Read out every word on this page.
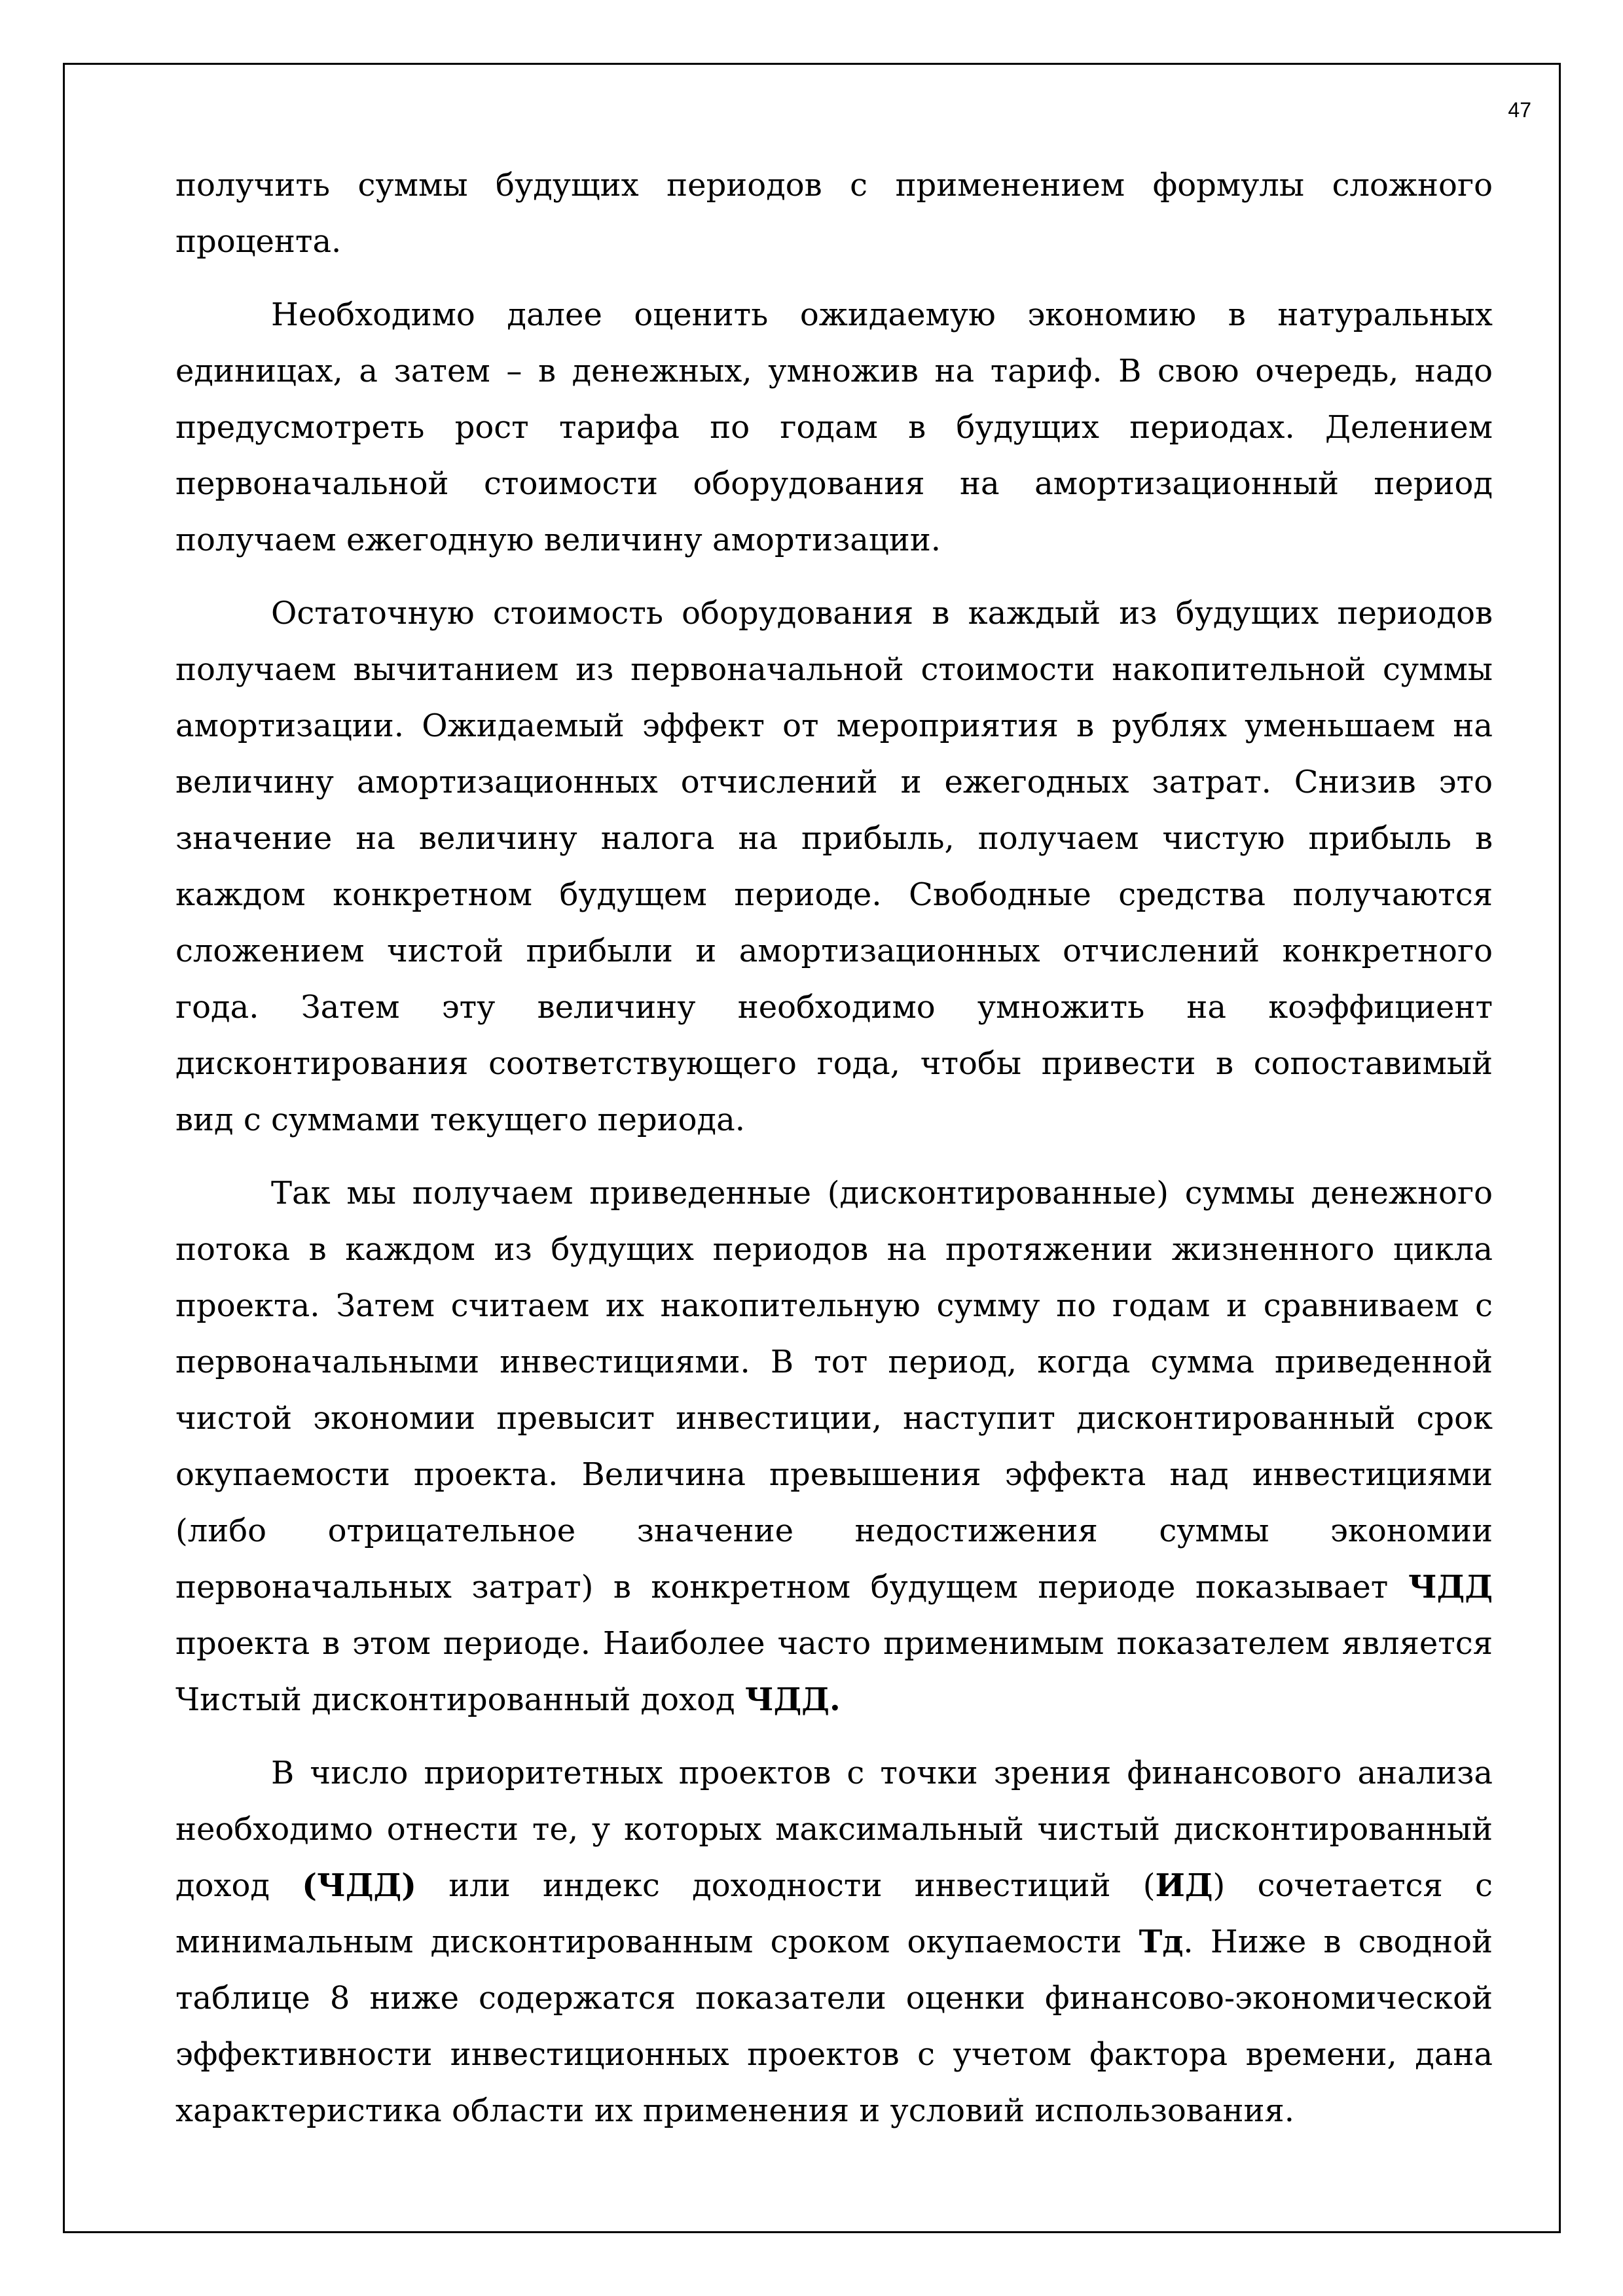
47

получить суммы будущих периодов с применением формулы сложного процента.

Необходимо далее оценить ожидаемую экономию в натуральных единицах, а затем – в денежных, умножив на тариф. В свою очередь, надо предусмотреть рост тарифа по годам в будущих периодах. Делением первоначальной стоимости оборудования на амортизационный период получаем ежегодную величину амортизации.

Остаточную стоимость оборудования в каждый из будущих периодов получаем вычитанием из первоначальной стоимости накопительной суммы амортизации. Ожидаемый эффект от мероприятия в рублях уменьшаем на величину амортизационных отчислений и ежегодных затрат. Снизив это значение на величину налога на прибыль, получаем чистую прибыль в каждом конкретном будущем периоде. Свободные средства получаются сложением чистой прибыли и амортизационных отчислений конкретного года. Затем эту величину необходимо умножить на коэффициент дисконтирования соответствующего года, чтобы привести в сопоставимый вид с суммами текущего периода.

Так мы получаем приведенные (дисконтированные) суммы денежного потока в каждом из будущих периодов на протяжении жизненного цикла проекта. Затем считаем их накопительную сумму по годам и сравниваем с первоначальными инвестициями. В тот период, когда сумма приведенной чистой экономии превысит инвестиции, наступит дисконтированный срок окупаемости проекта. Величина превышения эффекта над инвестициями (либо отрицательное значение недостижения суммы экономии первоначальных затрат) в конкретном будущем периоде показывает ЧДД проекта в этом периоде. Наиболее часто применимым показателем является Чистый дисконтированный доход ЧДД.

В число приоритетных проектов с точки зрения финансового анализа необходимо отнести те, у которых максимальный чистый дисконтированный доход (ЧДД) или индекс доходности инвестиций (ИД) сочетается с минимальным дисконтированным сроком окупаемости Тд. Ниже в сводной таблице 8 ниже содержатся показатели оценки финансово-экономической эффективности инвестиционных проектов с учетом фактора времени, дана характеристика области их применения и условий использования.
